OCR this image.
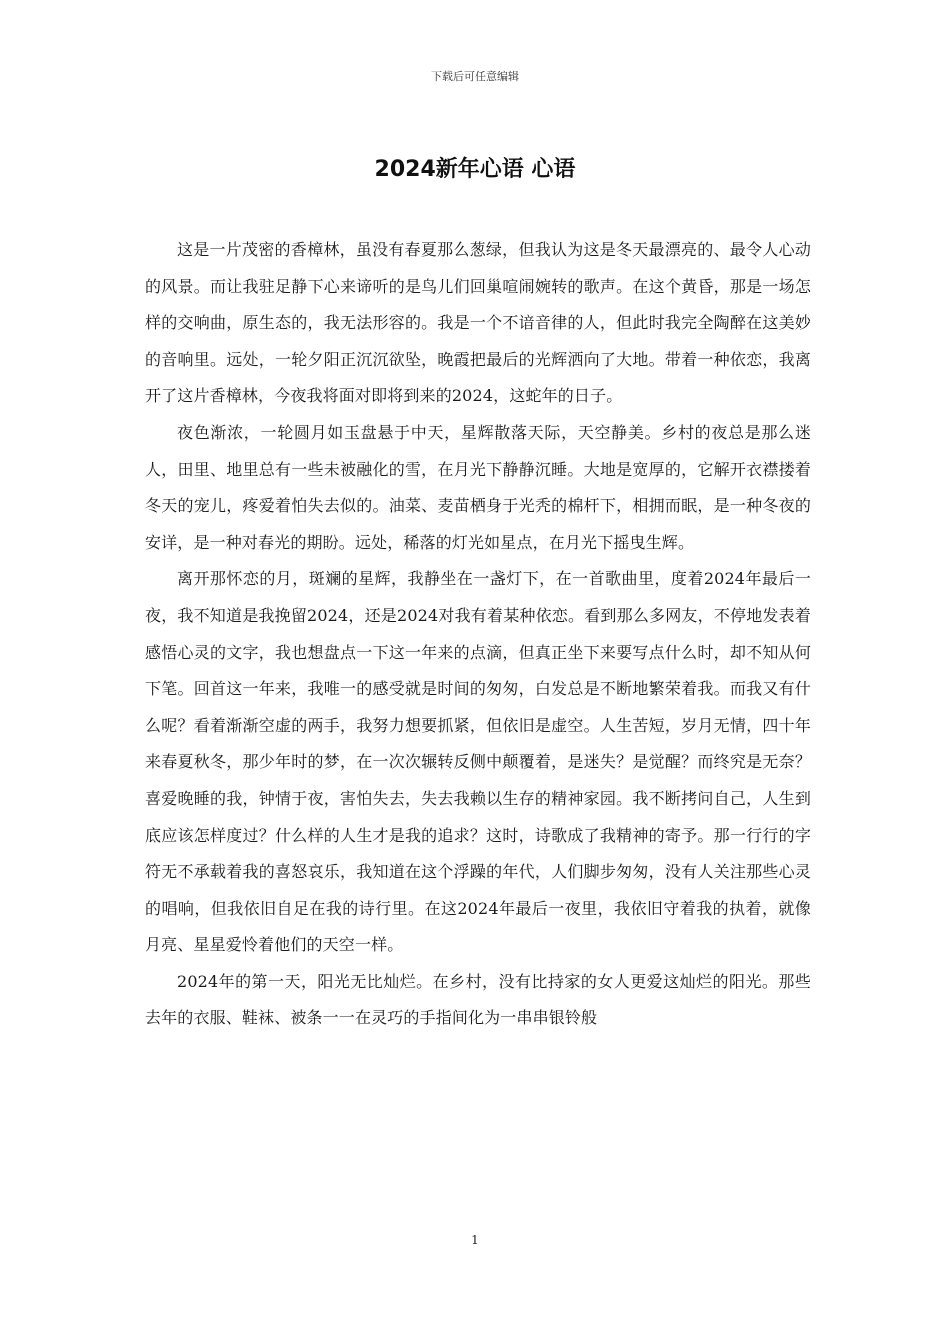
下载后可任意编辑
2024新年心语 心语

这是一片茂密的香樟林，虽没有春夏那么葱绿，但我认为这是冬天最漂亮的、最令人心动的风景。而让我驻足静下心来谛听的是鸟儿们回巢喧闹婉转的歌声。在这个黄昏，那是一场怎样的交响曲，原生态的，我无法形容的。我是一个不谙音律的人，但此时我完全陶醉在这美妙的音响里。远处，一轮夕阳正沉沉欲坠，晚霞把最后的光辉洒向了大地。带着一种依恋，我离开了这片香樟林，今夜我将面对即将到来的2024，这蛇年的日子。

夜色渐浓，一轮圆月如玉盘悬于中天，星辉散落天际，天空静美。乡村的夜总是那么迷人，田里、地里总有一些未被融化的雪，在月光下静静沉睡。大地是宽厚的，它解开衣襟搂着冬天的宠儿，疼爱着怕失去似的。油菜、麦苗栖身于光秃的棉杆下，相拥而眠，是一种冬夜的安详，是一种对春光的期盼。远处，稀落的灯光如星点，在月光下摇曳生辉。

离开那怀恋的月，斑斓的星辉，我静坐在一盏灯下，在一首歌曲里，度着2024年最后一夜，我不知道是我挽留2024，还是2024对我有着某种依恋。看到那么多网友，不停地发表着感悟心灵的文字，我也想盘点一下这一年来的点滴，但真正坐下来要写点什么时，却不知从何下笔。回首这一年来，我唯一的感受就是时间的匆匆，白发总是不断地繁荣着我。而我又有什么呢？看着渐渐空虚的两手，我努力想要抓紧，但依旧是虚空。人生苦短，岁月无情，四十年来春夏秋冬，那少年时的梦，在一次次辗转反侧中颠覆着，是迷失？是觉醒？而终究是无奈？喜爱晚睡的我，钟情于夜，害怕失去，失去我赖以生存的精神家园。我不断拷问自己，人生到底应该怎样度过？什么样的人生才是我的追求？这时，诗歌成了我精神的寄予。那一行行的字符无不承载着我的喜怒哀乐，我知道在这个浮躁的年代，人们脚步匆匆，没有人关注那些心灵的唱响，但我依旧自足在我的诗行里。在这2024年最后一夜里，我依旧守着我的执着，就像月亮、星星爱怜着他们的天空一样。

2024年的第一天，阳光无比灿烂。在乡村，没有比持家的女人更爱这灿烂的阳光。那些去年的衣服、鞋袜、被条一一在灵巧的手指间化为一串串银铃般

1
